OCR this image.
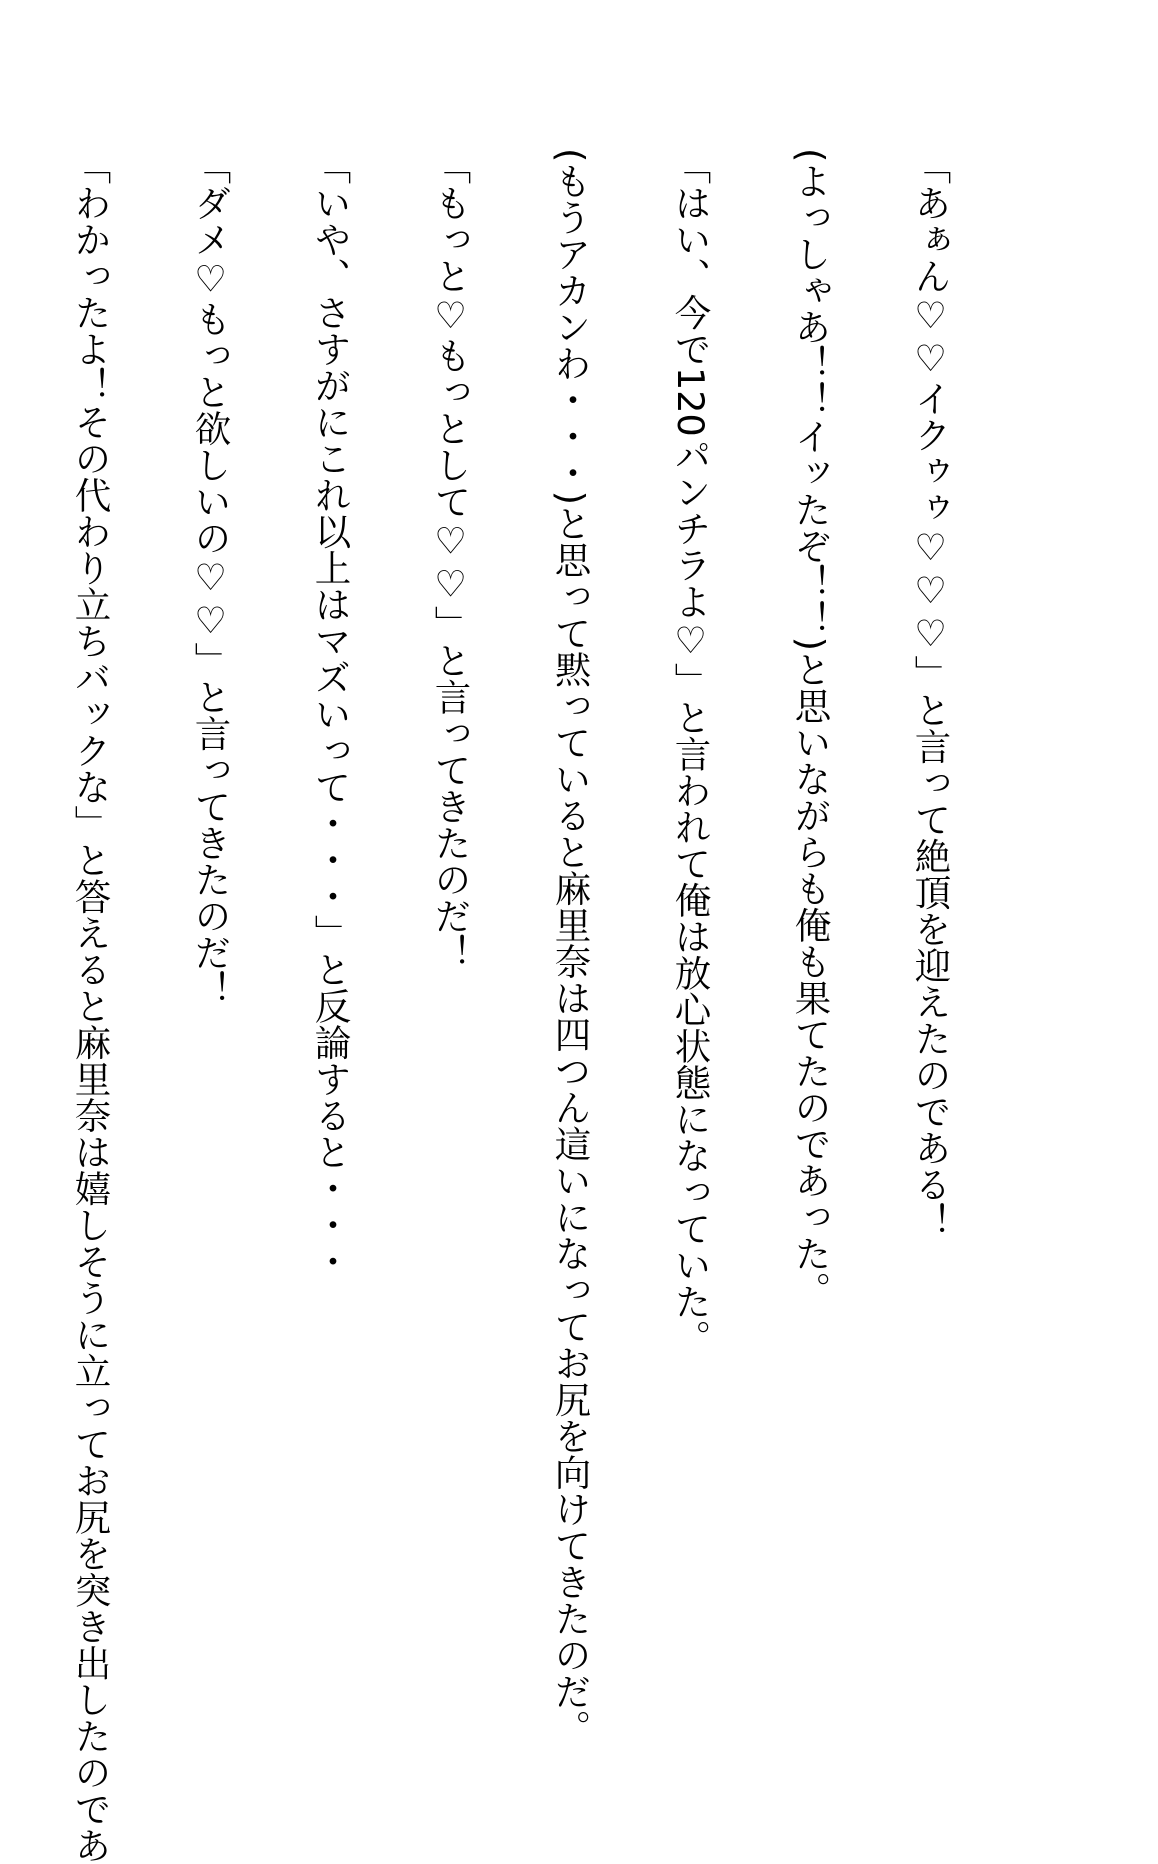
「あぁん♡♡イクゥゥ♡♡♡」と言って絶頂を迎えたのである！

(よっしゃあ！！イッたぞ！！)と思いながらも俺も果てたのであった。

「はい、今で120パンチラよ♡」と言われて俺は放心状態になっていた。

(もうアカンわ・・・)と思って黙っていると麻里奈は四つん這いになってお尻を向けてきたのだ。

「もっと♡もっとして♡♡」と言ってきたのだ！

「いや、さすがにこれ以上はマズいって・・・」と反論すると・・・

「ダメ♡もっと欲しいの♡♡」と言ってきたのだ！

「わかったよ！その代わり立ちバックな」と答えると麻里奈は嬉しそうに立ってお尻を突き出したのであ
